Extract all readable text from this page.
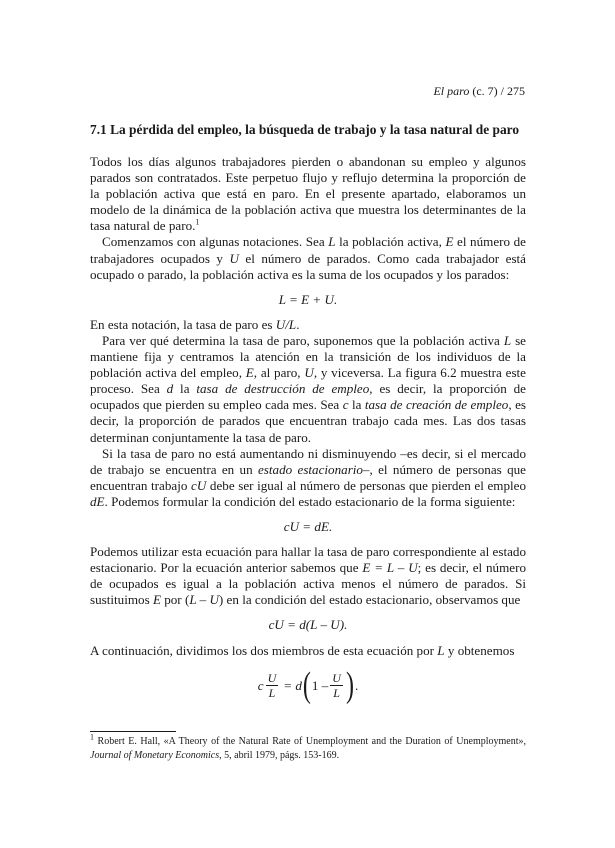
El paro (c. 7) / 275
7.1 La pérdida del empleo, la búsqueda de trabajo y la tasa natural de paro

Todos los días algunos trabajadores pierden o abandonan su empleo y algunos parados son contratados. Este perpetuo flujo y reflujo determina la proporción de la población activa que está en paro. En el presente apartado, elaboramos un modelo de la dinámica de la población activa que muestra los determinantes de la tasa natural de paro.$^1$

Comenzamos con algunas notaciones. Sea L la población activa, E el número de trabajadores ocupados y U el número de parados. Como cada trabajador está ocupado o parado, la población activa es la suma de los ocupados y los parados:

L = E + U.

En esta notación, la tasa de paro es U/L.

Para ver qué determina la tasa de paro, suponemos que la población activa L se mantiene fija y centramos la atención en la transición de los individuos de la población activa del empleo, E, al paro, U, y viceversa. La figura 6.2 muestra este proceso. Sea d la tasa de destrucción de empleo, es decir, la proporción de ocupados que pierden su empleo cada mes. Sea c la tasa de creación de empleo, es decir, la proporción de parados que encuentran trabajo cada mes. Las dos tasas determinan conjuntamente la tasa de paro.

Si la tasa de paro no está aumentando ni disminuyendo –es decir, si el mercado de trabajo se encuentra en un estado estacionario–, el número de personas que encuentran trabajo cU debe ser igual al número de personas que pierden el empleo dE. Podemos formular la condición del estado estacionario de la forma siguiente:

cU = dE.

Podemos utilizar esta ecuación para hallar la tasa de paro correspondiente al estado estacionario. Por la ecuación anterior sabemos que E = L – U; es decir, el número de ocupados es igual a la población activa menos el número de parados. Si sustituimos E por (L – U) en la condición del estado estacionario, observamos que

cU = d(L – U).

A continuación, dividimos los dos miembros de esta ecuación por L y obtenemos

c $\frac{U}{L} = d$ ( $1 - \frac{U}{L}$ ) .
$^1$ Robert E. Hall, «A Theory of the Natural Rate of Unemployment and the Duration of Unemployment», Journal of Monetary Economics, 5, abril 1979, págs. 153-169.
